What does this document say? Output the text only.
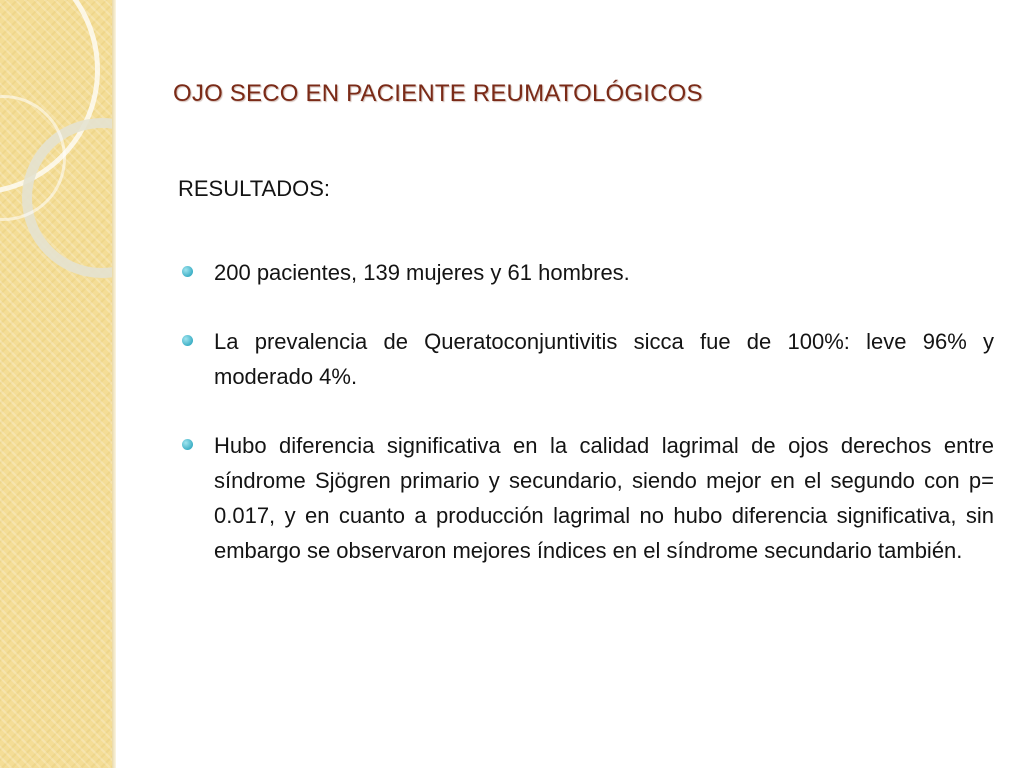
OJO SECO EN PACIENTE REUMATOLÓGICOS

RESULTADOS:

200 pacientes, 139 mujeres y 61 hombres.
La prevalencia de Queratoconjuntivitis sicca fue de 100%: leve 96% y moderado 4%.
Hubo diferencia significativa en la calidad lagrimal de ojos derechos entre síndrome Sjögren primario y secundario, siendo mejor en el segundo con p= 0.017, y en cuanto a producción lagrimal no hubo diferencia significativa, sin embargo se observaron mejores índices en el síndrome secundario también.
